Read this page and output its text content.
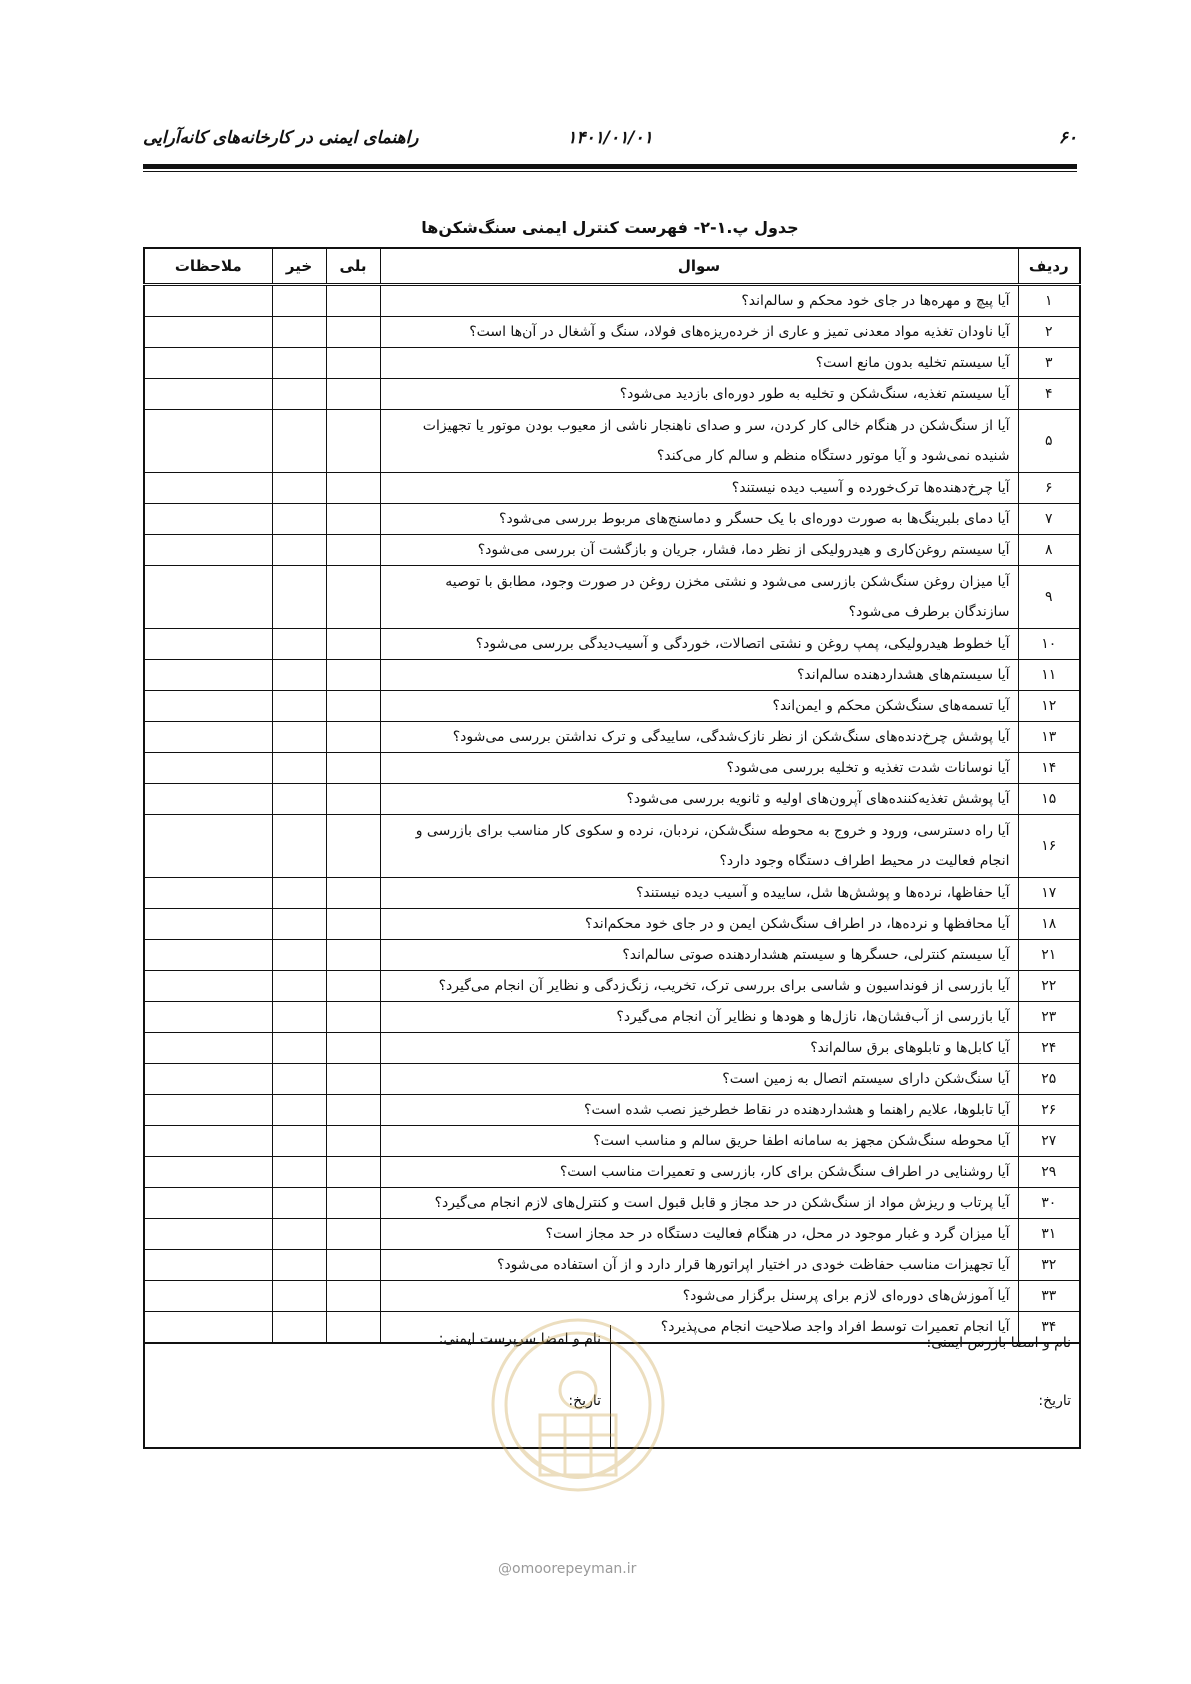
۶۰
۱۴۰۱/۰۱/۰۱
راهنمای ایمنی در کارخانه‌های کانه‌آرایی
جدول پ.۱-۲- فهرست کنترل ایمنی سنگ‌شکن‌ها
ردیف	سوال	بلی	خیر	ملاحظات
۱	آیا پیچ و مهره‌ها در جای خود محکم و سالم‌اند؟			
۲	آیا ناودان تغذیه مواد معدنی تمیز و عاری از خرده‌ریزه‌های فولاد، سنگ و آشغال در آن‌ها است؟			
۳	آیا سیستم تخلیه بدون مانع است؟			
۴	آیا سیستم تغذیه، سنگ‌شکن و تخلیه به طور دوره‌ای بازدید می‌شود؟			
۵	آیا از سنگ‌شکن در هنگام خالی کار کردن، سر و صدای ناهنجار ناشی از معیوب بودن موتور یا تجهیزات شنیده نمی‌شود و آیا موتور دستگاه منظم و سالم کار می‌کند؟			
۶	آیا چرخ‌دهنده‌ها ترک‌خورده و آسیب دیده نیستند؟			
۷	آیا دمای بلبرینگ‌ها به صورت دوره‌ای با یک حسگر و دماسنج‌های مربوط بررسی می‌شود؟			
۸	آیا سیستم روغن‌کاری و هیدرولیکی از نظر دما، فشار، جریان و بازگشت آن بررسی می‌شود؟			
۹	آیا میزان روغن سنگ‌شکن بازرسی می‌شود و نشتی مخزن روغن در صورت وجود، مطابق با توصیه سازندگان برطرف می‌شود؟			
۱۰	آیا خطوط هیدرولیکی، پمپ روغن و نشتی اتصالات، خوردگی و آسیب‌دیدگی بررسی می‌شود؟			
۱۱	آیا سیستم‌های هشداردهنده سالم‌اند؟			
۱۲	آیا تسمه‌های سنگ‌شکن محکم و ایمن‌اند؟			
۱۳	آیا پوشش چرخ‌دنده‌های سنگ‌شکن از نظر نازک‌شدگی، ساییدگی و ترک نداشتن بررسی می‌شود؟			
۱۴	آیا نوسانات شدت تغذیه و تخلیه بررسی می‌شود؟			
۱۵	آیا پوشش تغذیه‌کننده‌های آپرون‌های اولیه و ثانویه بررسی می‌شود؟			
۱۶	آیا راه دسترسی، ورود و خروج به محوطه سنگ‌شکن، نردبان، نرده و سکوی کار مناسب برای بازرسی و انجام فعالیت در محیط اطراف دستگاه وجود دارد؟			
۱۷	آیا حفاظها، نرده‌ها و پوشش‌ها شل، ساییده و آسیب دیده نیستند؟			
۱۸	آیا محافظها و نرده‌ها، در اطراف سنگ‌شکن ایمن و در جای خود محکم‌اند؟			
۲۱	آیا سیستم کنترلی، حسگرها و سیستم هشداردهنده صوتی سالم‌اند؟			
۲۲	آیا بازرسی از فونداسیون و شاسی برای بررسی ترک، تخریب، زنگ‌زدگی و نظایر آن انجام می‌گیرد؟			
۲۳	آیا بازرسی از آب‌فشان‌ها، نازل‌ها و هودها و نظایر آن انجام می‌گیرد؟			
۲۴	آیا کابل‌ها و تابلوهای برق سالم‌اند؟			
۲۵	آیا سنگ‌شکن دارای سیستم اتصال به زمین است؟			
۲۶	آیا تابلوها، علایم راهنما و هشداردهنده در نقاط خطرخیز نصب شده است؟			
۲۷	آیا محوطه سنگ‌شکن مجهز به سامانه اطفا حریق سالم و مناسب است؟			
۲۹	آیا روشنایی در اطراف سنگ‌شکن برای کار، بازرسی و تعمیرات مناسب است؟			
۳۰	آیا پرتاب و ریزش مواد از سنگ‌شکن در حد مجاز و قابل قبول است و کنترل‌های لازم انجام می‌گیرد؟			
۳۱	آیا میزان گرد و غبار موجود در محل، در هنگام فعالیت دستگاه در حد مجاز است؟			
۳۲	آیا تجهیزات مناسب حفاظت خودی در اختیار اپراتورها قرار دارد و از آن استفاده می‌شود؟			
۳۳	آیا آموزش‌های دوره‌ای لازم برای پرسنل برگزار می‌شود؟			
۳۴	آیا انجام تعمیرات توسط افراد واجد صلاحیت انجام می‌پذیرد؟			
نام و امضا بازرس ایمنی:
تاریخ:
نام و امضا سرپرست ایمنی:
تاریخ:
@omoorepeyman.ir
